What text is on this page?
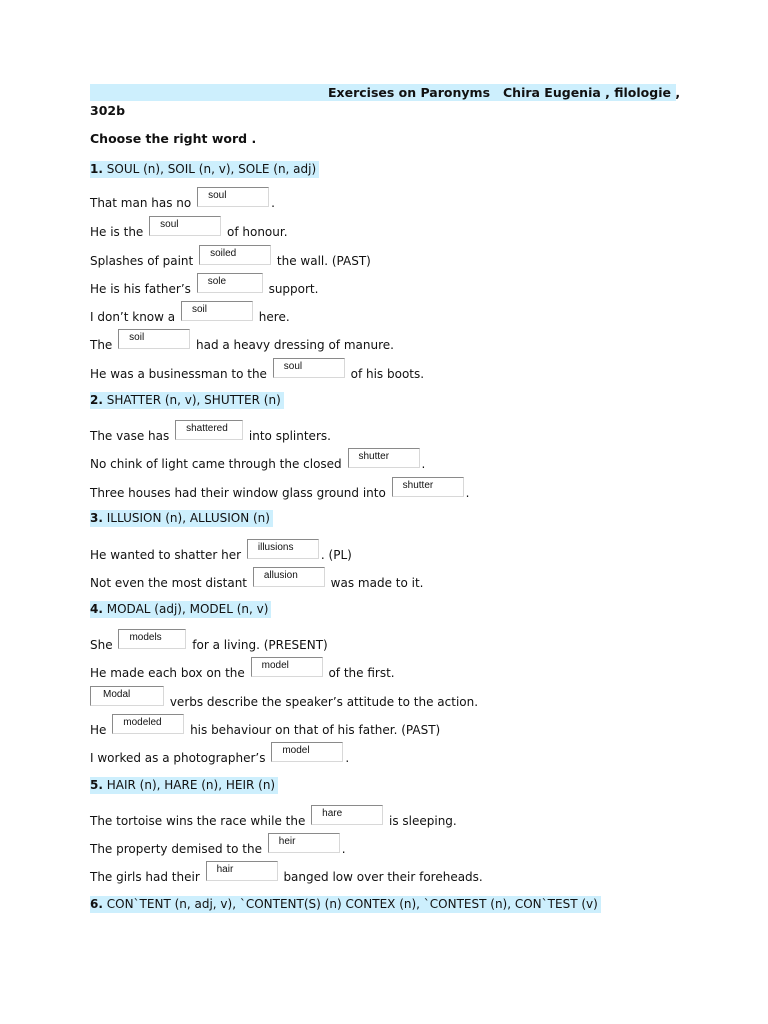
Exercises on Paronyms Chira Eugenia , filologie ,
302b
Choose the right word .
1. SOUL (n), SOIL (n, v), SOLE (n, adj)
That man has no
soul
.
He is the
soul
of honour.
Splashes of paint
soiled
the wall. (PAST)
He is his father’s
sole
support.
I don’t know a
soil
here.
The
soil
had a heavy dressing of manure.
He was a businessman to the
soul
of his boots.
2. SHATTER (n, v), SHUTTER (n)
The vase has
shattered
into splinters.
No chink of light came through the closed
shutter
.
Three houses had their window glass ground into
shutter
.
3. ILLUSION (n), ALLUSION (n)
He wanted to shatter her
illusions
. (PL)
Not even the most distant
allusion
was made to it.
4. MODAL (adj), MODEL (n, v)
She
models
for a living. (PRESENT)
He made each box on the
model
of the first.
Modal
verbs describe the speaker’s attitude to the action.
He
modeled
his behaviour on that of his father. (PAST)
I worked as a photographer’s
model
.
5. HAIR (n), HARE (n), HEIR (n)
The tortoise wins the race while the
hare
is sleeping.
The property demised to the
heir
.
The girls had their
hair
banged low over their foreheads.
6. CON`TENT (n, adj, v), `CONTENT(S) (n) CONTEX (n), `CONTEST (n), CON`TEST (v)
